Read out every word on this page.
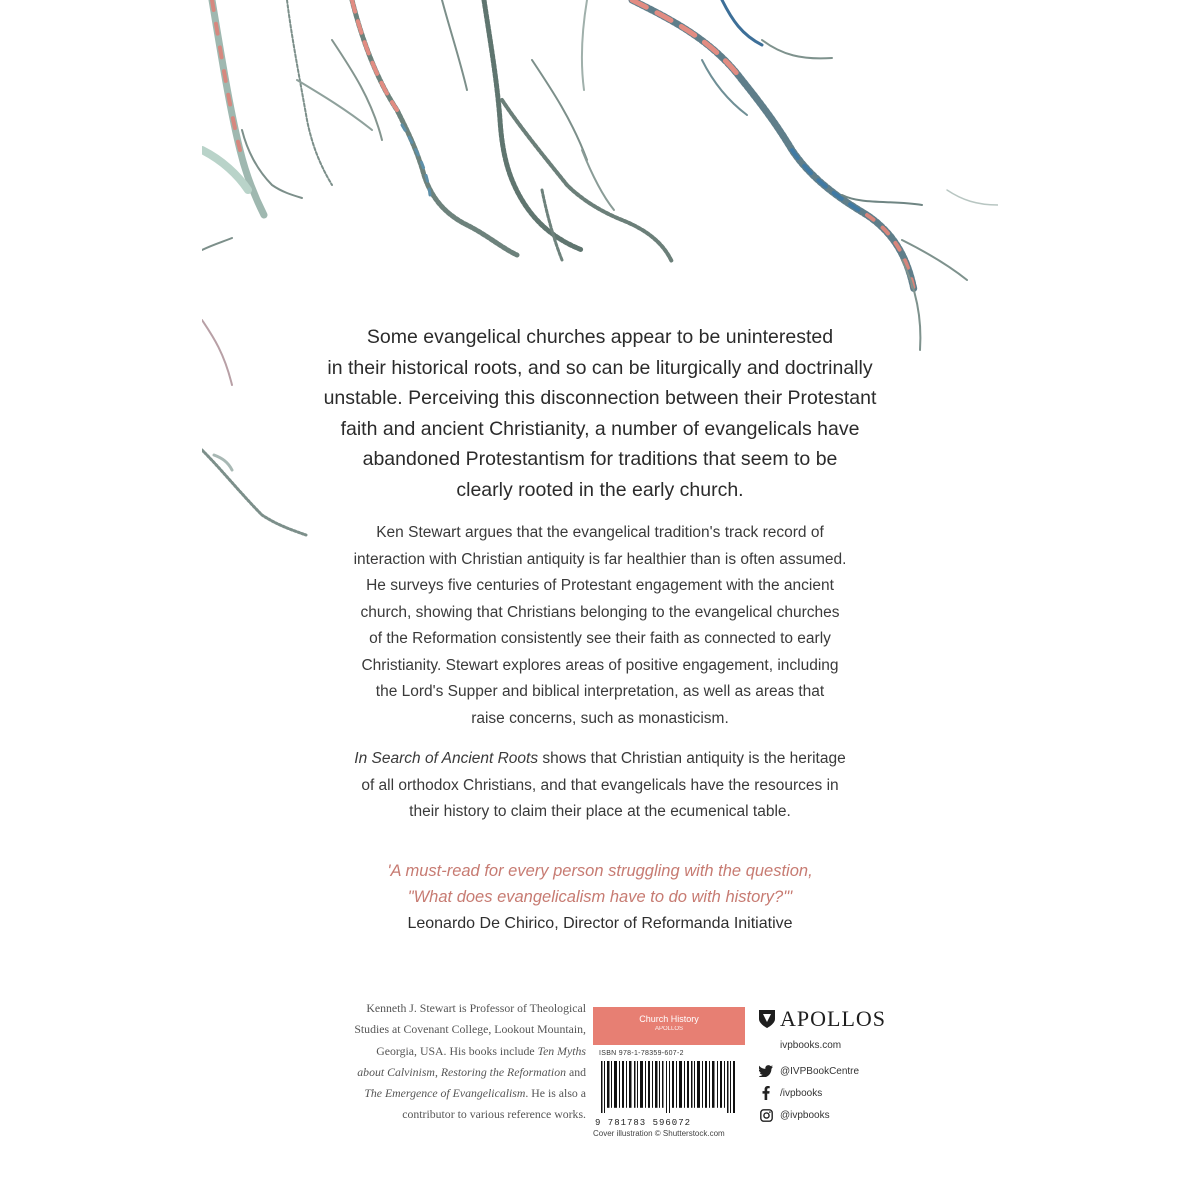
Some evangelical churches appear to be uninterested
in their historical roots, and so can be liturgically and doctrinally
unstable. Perceiving this disconnection between their Protestant
faith and ancient Christianity, a number of evangelicals have
abandoned Protestantism for traditions that seem to be
clearly rooted in the early church.
Ken Stewart argues that the evangelical tradition's track record of
interaction with Christian antiquity is far healthier than is often assumed.
He surveys five centuries of Protestant engagement with the ancient
church, showing that Christians belonging to the evangelical churches
of the Reformation consistently see their faith as connected to early
Christianity. Stewart explores areas of positive engagement, including
the Lord's Supper and biblical interpretation, as well as areas that
raise concerns, such as monasticism.
In Search of Ancient Roots shows that Christian antiquity is the heritage
of all orthodox Christians, and that evangelicals have the resources in
their history to claim their place at the ecumenical table.
'A must-read for every person struggling with the question,
"What does evangelicalism have to do with history?"'
Leonardo De Chirico, Director of Reformanda Initiative
Kenneth J. Stewart is Professor of Theological
Studies at Covenant College, Lookout Mountain,
Georgia, USA. His books include Ten Myths
about Calvinism, Restoring the Reformation and
The Emergence of Evangelicalism. He is also a
contributor to various reference works.
Church History
APOLLOS
ISBN 978-1-78359-607-2
9 781783 596072
Cover illustration © Shutterstock.com
APOLLOS
ivpbooks.com
@IVPBookCentre
/ivpbooks
@ivpbooks
